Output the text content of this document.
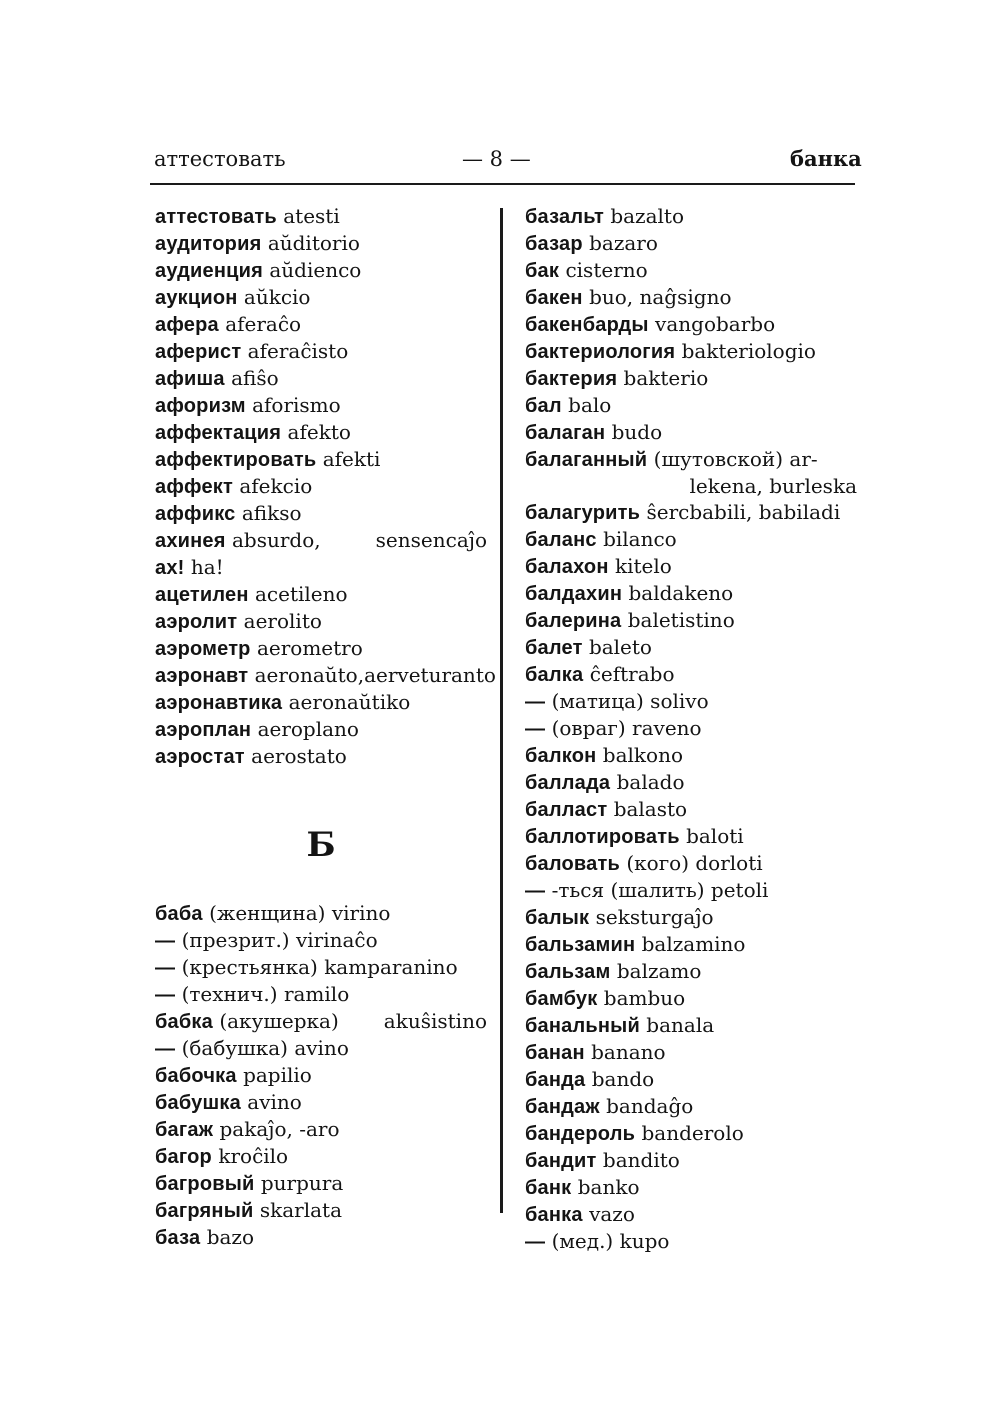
аттестовать	— 8 —	банка
аттестовать atesti
аудитория aŭditorio
аудиенция aŭdienco
аукцион aŭkcio
афера aferaĉo
аферист aferaĉisto
афиша afiŝo
афоризм aforismo
аффектация afekto
аффектировать afekti
аффект afekcio
аффикс afikso
ахинея absurdo,	sensencaĵo
ах! ha!
ацетилен acetileno
аэролит aerolito
аэрометр aerometro
аэронавт aeronaŭto, aerveturanto
аэронавтика aeronaŭtiko
аэроплан aeroplano
аэростат aerostato
Б
баба (женщина) virino
— (презрит.) virinaĉo
— (крестьянка) kamparanino
— (технич.) ramilo
бабка (акушерка) akuŝistino
— (бабушка) avino
бабочка papilio
бабушка avino
багаж pakaĵo, -aro
багор kroĉilo
багровый purpura
багряный skarlata
база bazo
базальт bazalto
базар bazaro
бак cisterno
бакен buo, naĝsigno
бакенбарды vangobarbo
бактериология bakteriologio
бактерия bakterio
бал balo
балаган budo
балаганный (шутовской) ar-
lekena, burleska
балагурить ŝercbabili, babiladi
баланс bilanco
балахон kitelo
балдахин baldakeno
балерина baletistino
балет baleto
балка ĉeftrabo
— (матица) solivo
— (овраг) raveno
балкон balkono
баллада balado
балласт balasto
баллотировать baloti
баловать (кого) dorloti
— -ться (шалить) petoli
балык seksturgaĵo
бальзамин balzamino
бальзам balzamo
бамбук bambuo
банальный banala
банан banano
банда bando
бандаж bandaĝo
бандероль banderolo
бандит bandito
банк banko
банка vazo
— (мед.) kupo
